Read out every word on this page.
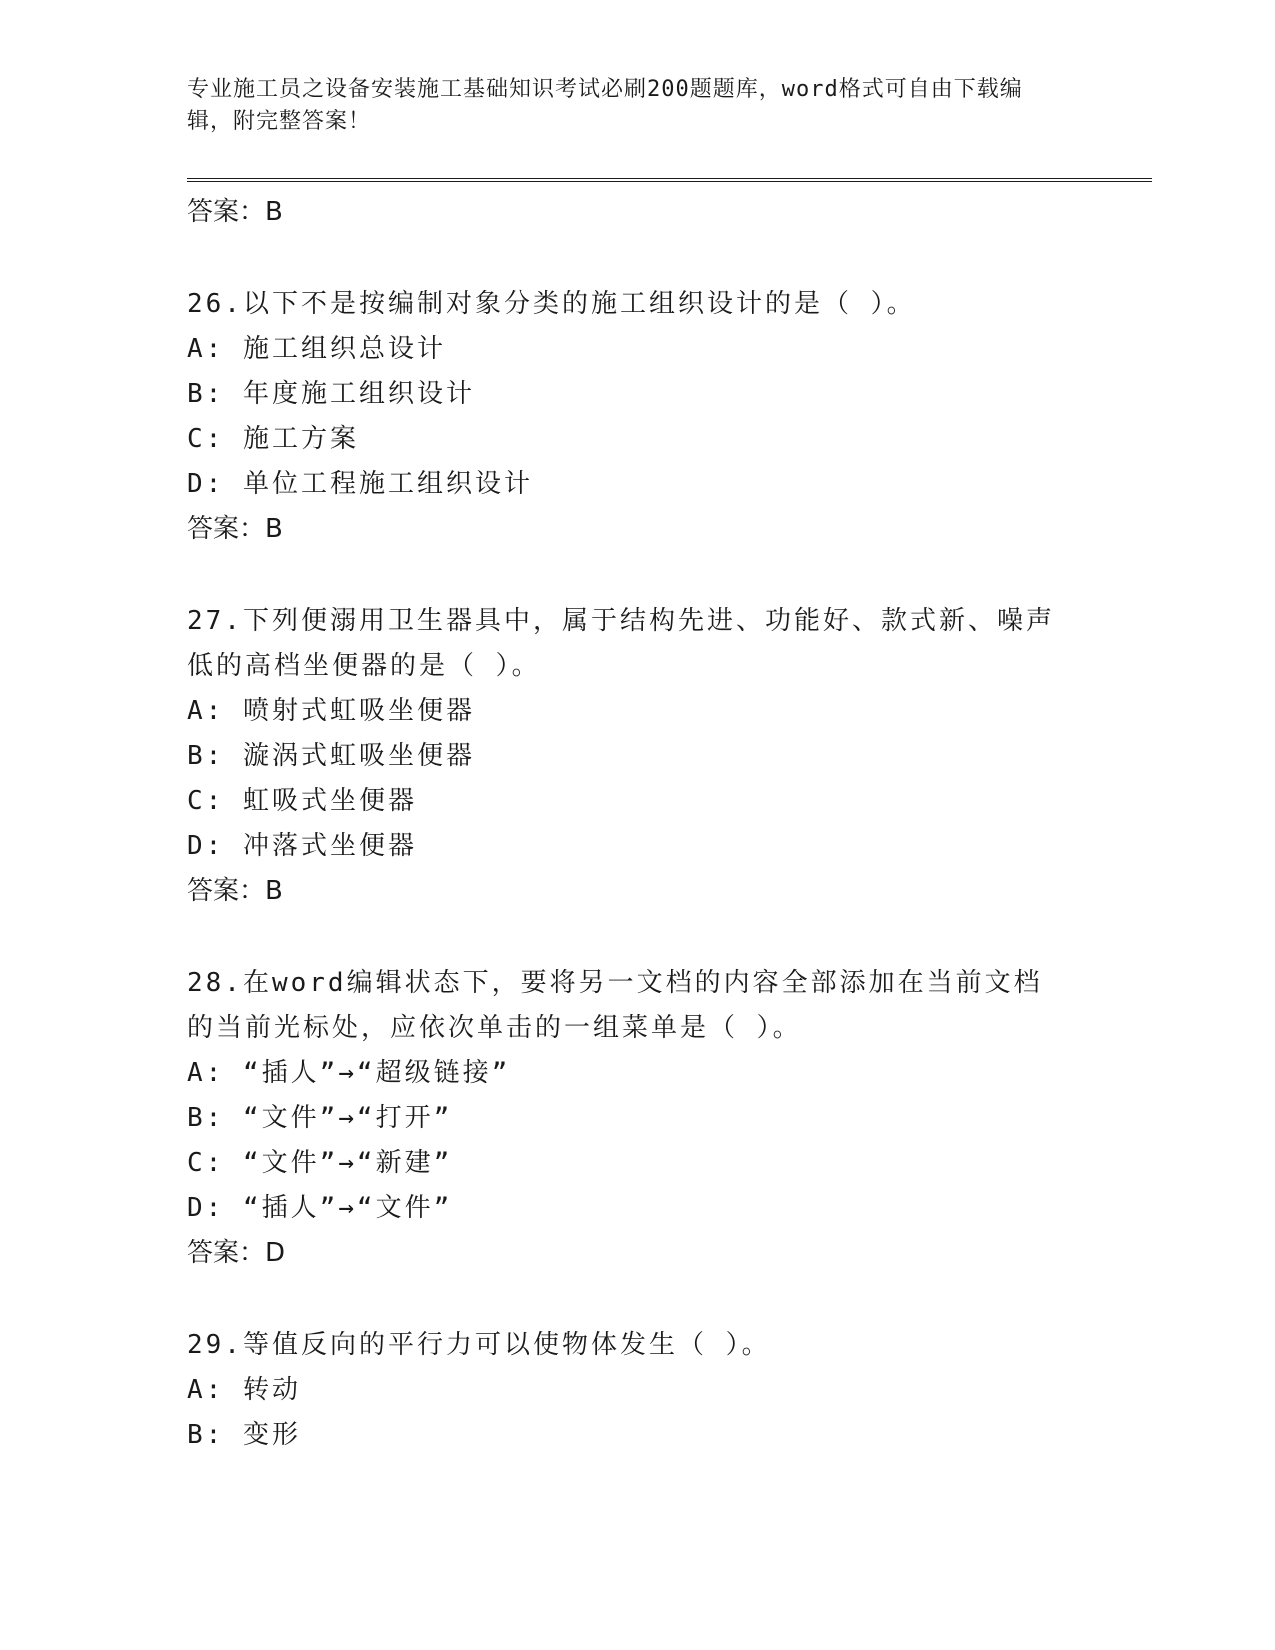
专业施工员之设备安装施工基础知识考试必刷200题题库，word格式可自由下载编辑，附完整答案！
答案：B
26.以下不是按编制对象分类的施工组织设计的是（ ）。
A: 施工组织总设计
B: 年度施工组织设计
C: 施工方案
D: 单位工程施工组织设计
答案：B
27.下列便溺用卫生器具中，属于结构先进、功能好、款式新、噪声低的高档坐便器的是（ ）。
A: 喷射式虹吸坐便器
B: 漩涡式虹吸坐便器
C: 虹吸式坐便器
D: 冲落式坐便器
答案：B
28.在word编辑状态下，要将另一文档的内容全部添加在当前文档的当前光标处，应依次单击的一组菜单是（ ）。
A: “插人”→“超级链接”
B: “文件”→“打开”
C: “文件”→“新建”
D: “插人”→“文件”
答案：D
29.等值反向的平行力可以使物体发生（ ）。
A: 转动
B: 变形
